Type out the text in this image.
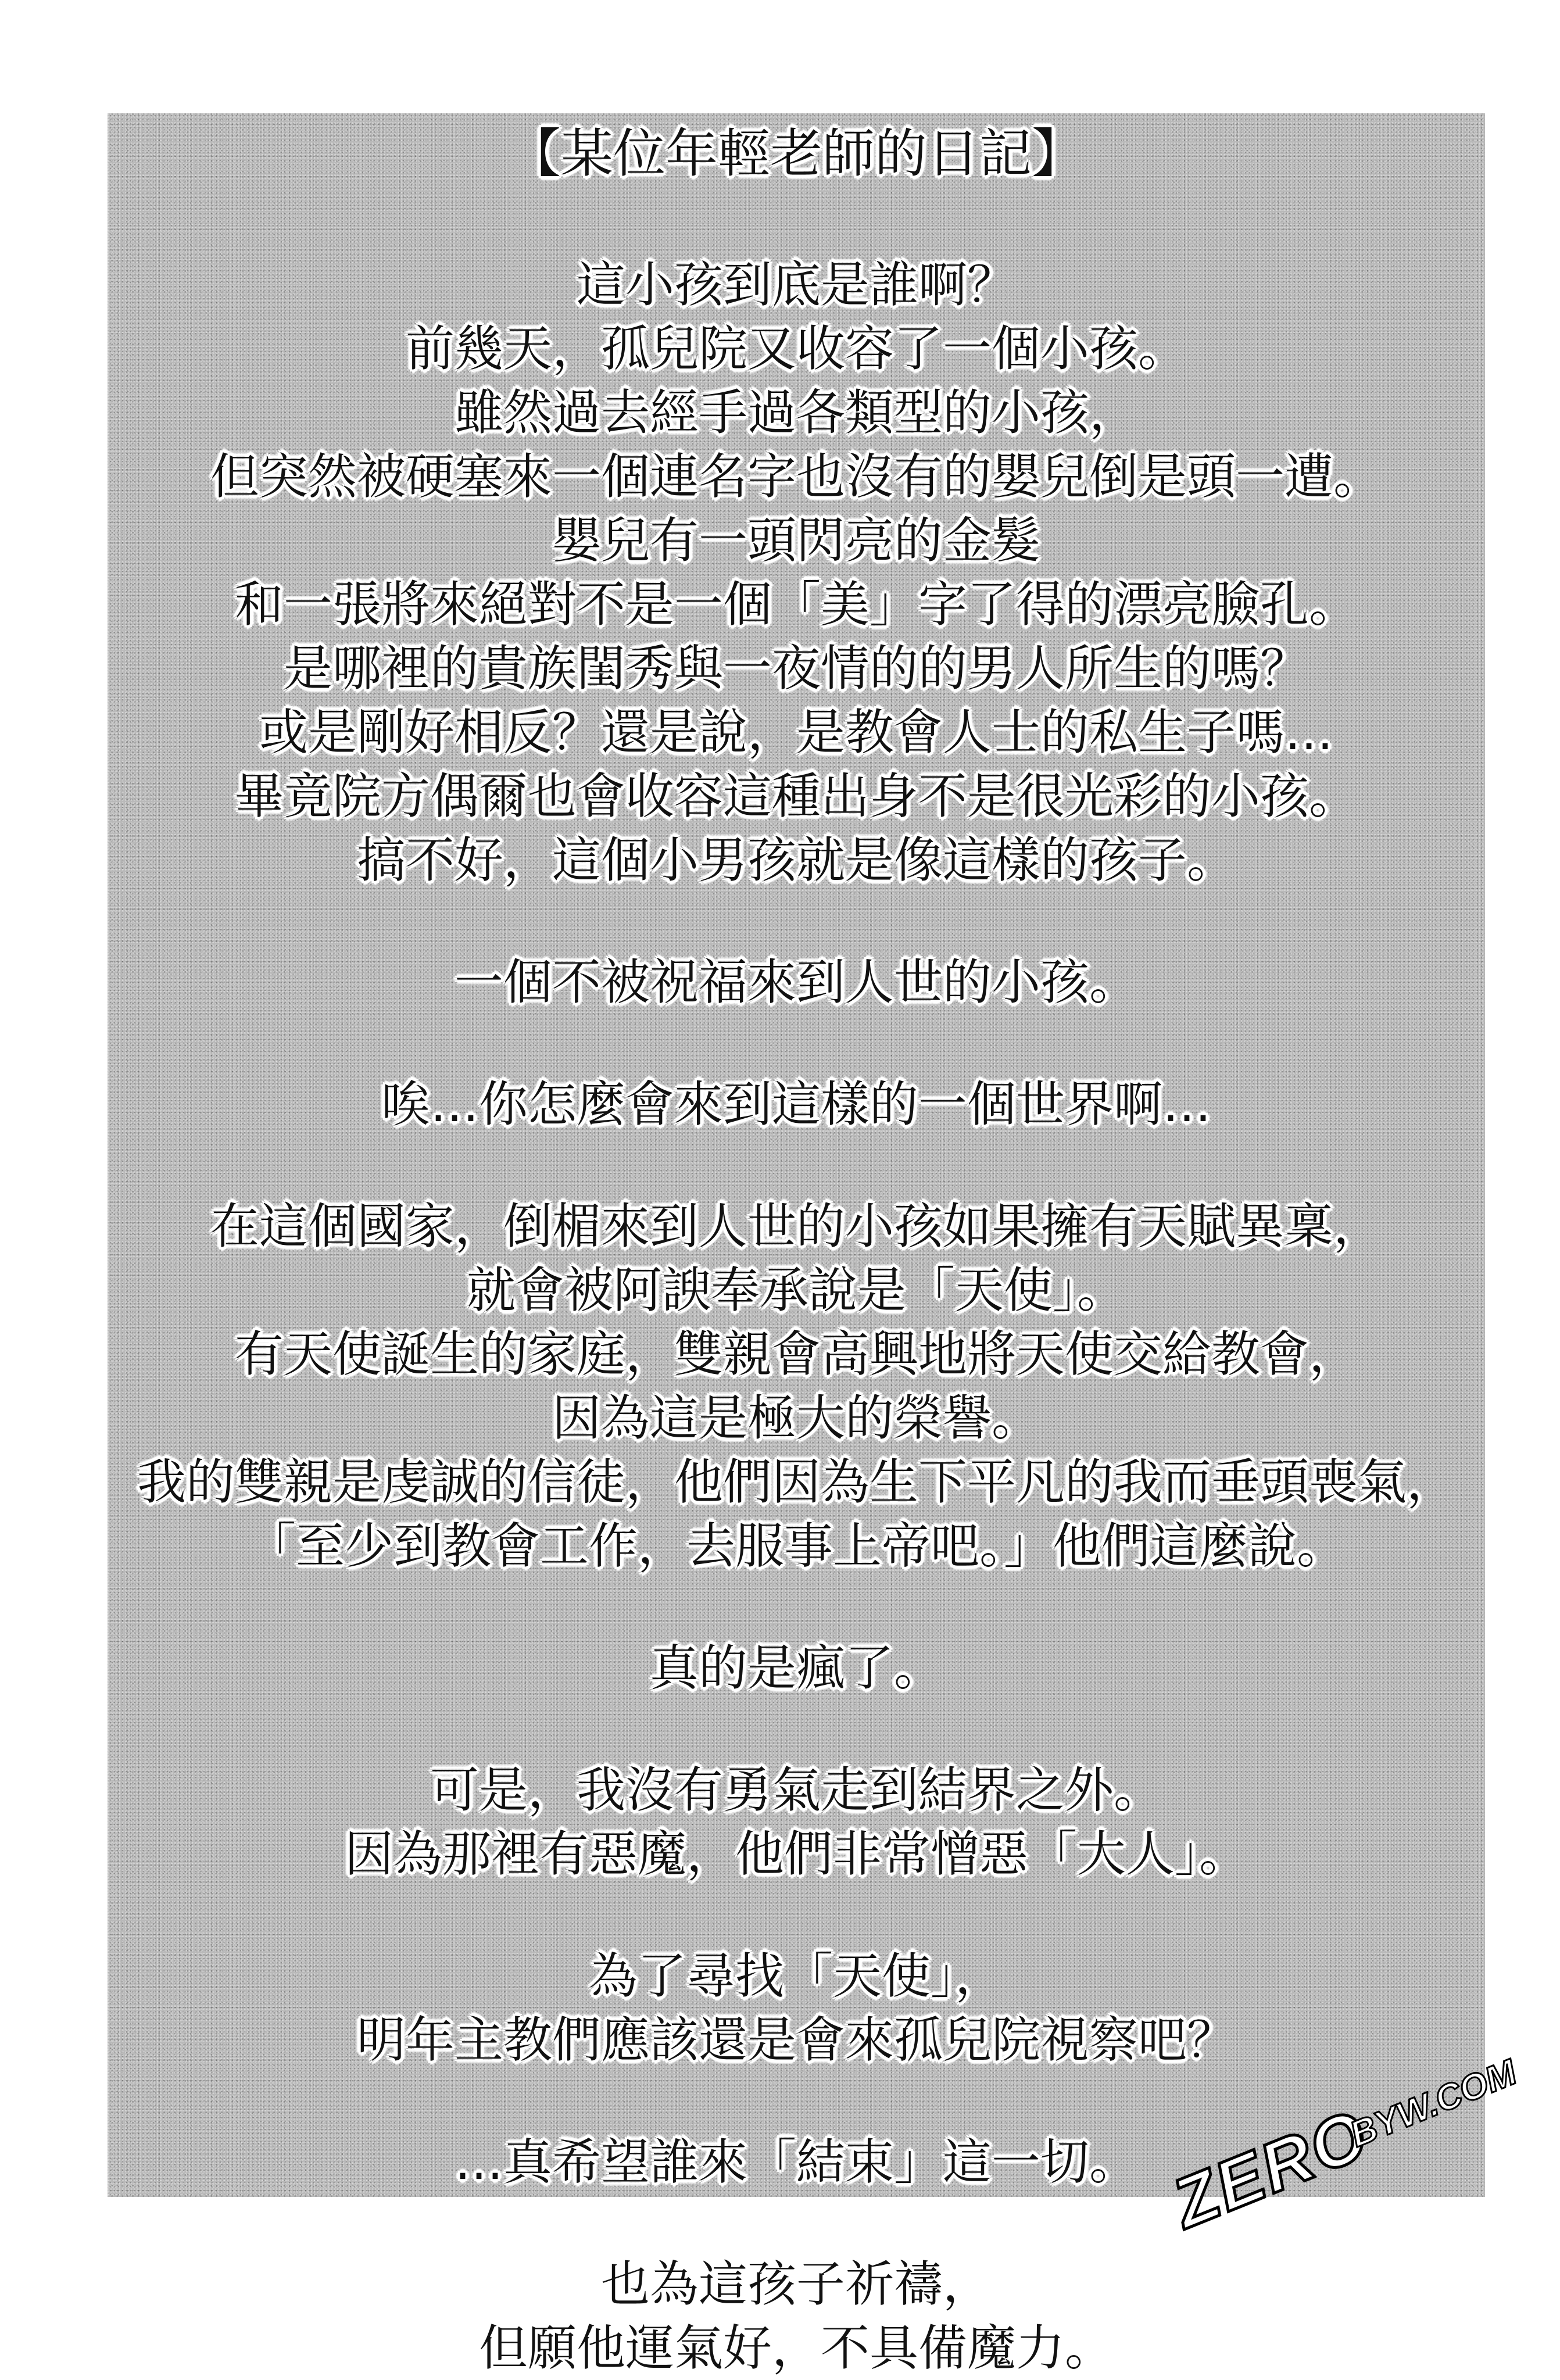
【某位年輕老師的日記】
這小孩到底是誰啊？
前幾天，孤兒院又收容了一個小孩。
雖然過去經手過各類型的小孩，
但突然被硬塞來一個連名字也沒有的嬰兒倒是頭一遭。
嬰兒有一頭閃亮的金髮
和一張將來絕對不是一個「美」字了得的漂亮臉孔。
是哪裡的貴族閨秀與一夜情的的男人所生的嗎？
或是剛好相反？還是說，是教會人士的私生子嗎…
畢竟院方偶爾也會收容這種出身不是很光彩的小孩。
搞不好，這個小男孩就是像這樣的孩子。
一個不被祝福來到人世的小孩。
唉…你怎麼會來到這樣的一個世界啊…
在這個國家，倒楣來到人世的小孩如果擁有天賦異稟，
就會被阿諛奉承說是「天使」。
有天使誕生的家庭，雙親會高興地將天使交給教會，
因為這是極大的榮譽。
我的雙親是虔誠的信徒，他們因為生下平凡的我而垂頭喪氣，
「至少到教會工作，去服事上帝吧。」他們這麼說。
真的是瘋了。
可是，我沒有勇氣走到結界之外。
因為那裡有惡魔，他們非常憎惡「大人」。
為了尋找「天使」，
明年主教們應該還是會來孤兒院視察吧？
…真希望誰來「結束」這一切。
也為這孩子祈禱，
但願他運氣好，不具備魔力。
ZERO
BYW.COM
